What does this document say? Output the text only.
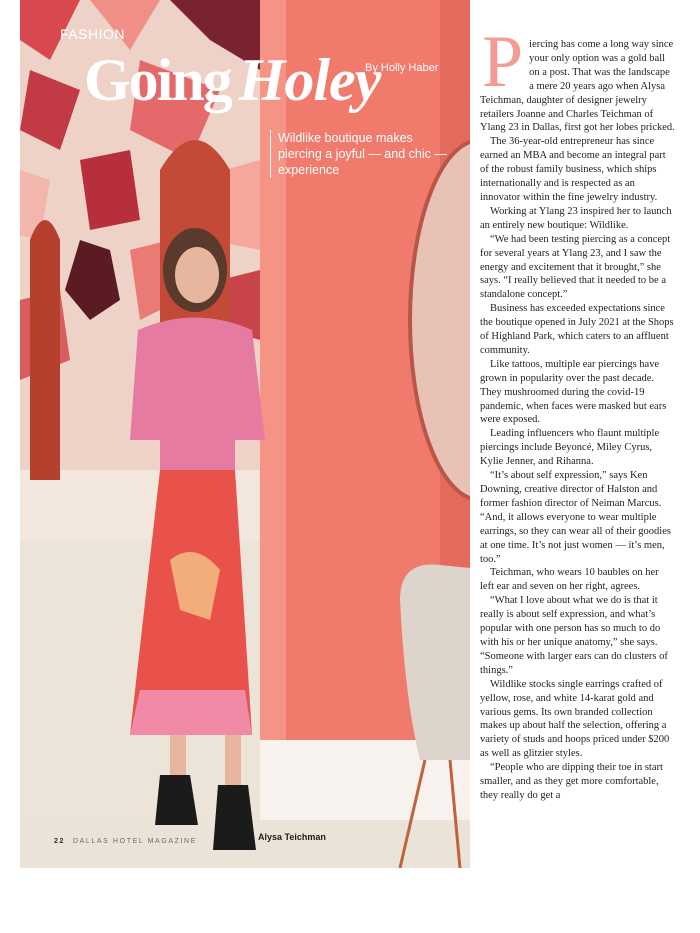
FASHION
Going Holey
By Holly Haber
Wildlike boutique makes piercing a joyful — and chic — experience
22 DALLAS HOTEL MAGAZINE	Alysa Teichman

Piercing has come a long way since your only option was a gold ball on a post. That was the landscape a mere 20 years ago when Alysa Teichman, daughter of designer jewelry retailers Joanne and Charles Teichman of Ylang 23 in Dallas, first got her lobes pricked.

The 36-year-old entrepreneur has since earned an MBA and become an integral part of the robust family business, which ships internationally and is respected as an innovator within the fine jewelry industry.

Working at Ylang 23 inspired her to launch an entirely new boutique: Wildlike.

“We had been testing piercing as a concept for several years at Ylang 23, and I saw the energy and excitement that it brought,” she says. “I really believed that it needed to be a standalone concept.”

Business has exceeded expectations since the boutique opened in July 2021 at the Shops of Highland Park, which caters to an affluent community.

Like tattoos, multiple ear piercings have grown in popularity over the past decade. They mushroomed during the covid-19 pandemic, when faces were masked but ears were exposed.

Leading influencers who flaunt multiple piercings include Beyoncé, Miley Cyrus, Kylie Jenner, and Rihanna.

“It’s about self expression,” says Ken Downing, creative director of Halston and former fashion director of Neiman Marcus. “And, it allows everyone to wear multiple earrings, so they can wear all of their goodies at one time. It’s not just women — it’s men, too.”

Teichman, who wears 10 baubles on her left ear and seven on her right, agrees.

“What I love about what we do is that it really is about self expression, and what’s popular with one person has so much to do with his or her unique anatomy,” she says. “Someone with larger ears can do clusters of things.”

Wildlike stocks single earrings crafted of yellow, rose, and white 14-karat gold and various gems. Its own branded collection makes up about half the selection, offering a variety of studs and hoops priced under $200 as well as glitzier styles.

“People who are dipping their toe in start smaller, and as they get more comfortable, they really do get a
